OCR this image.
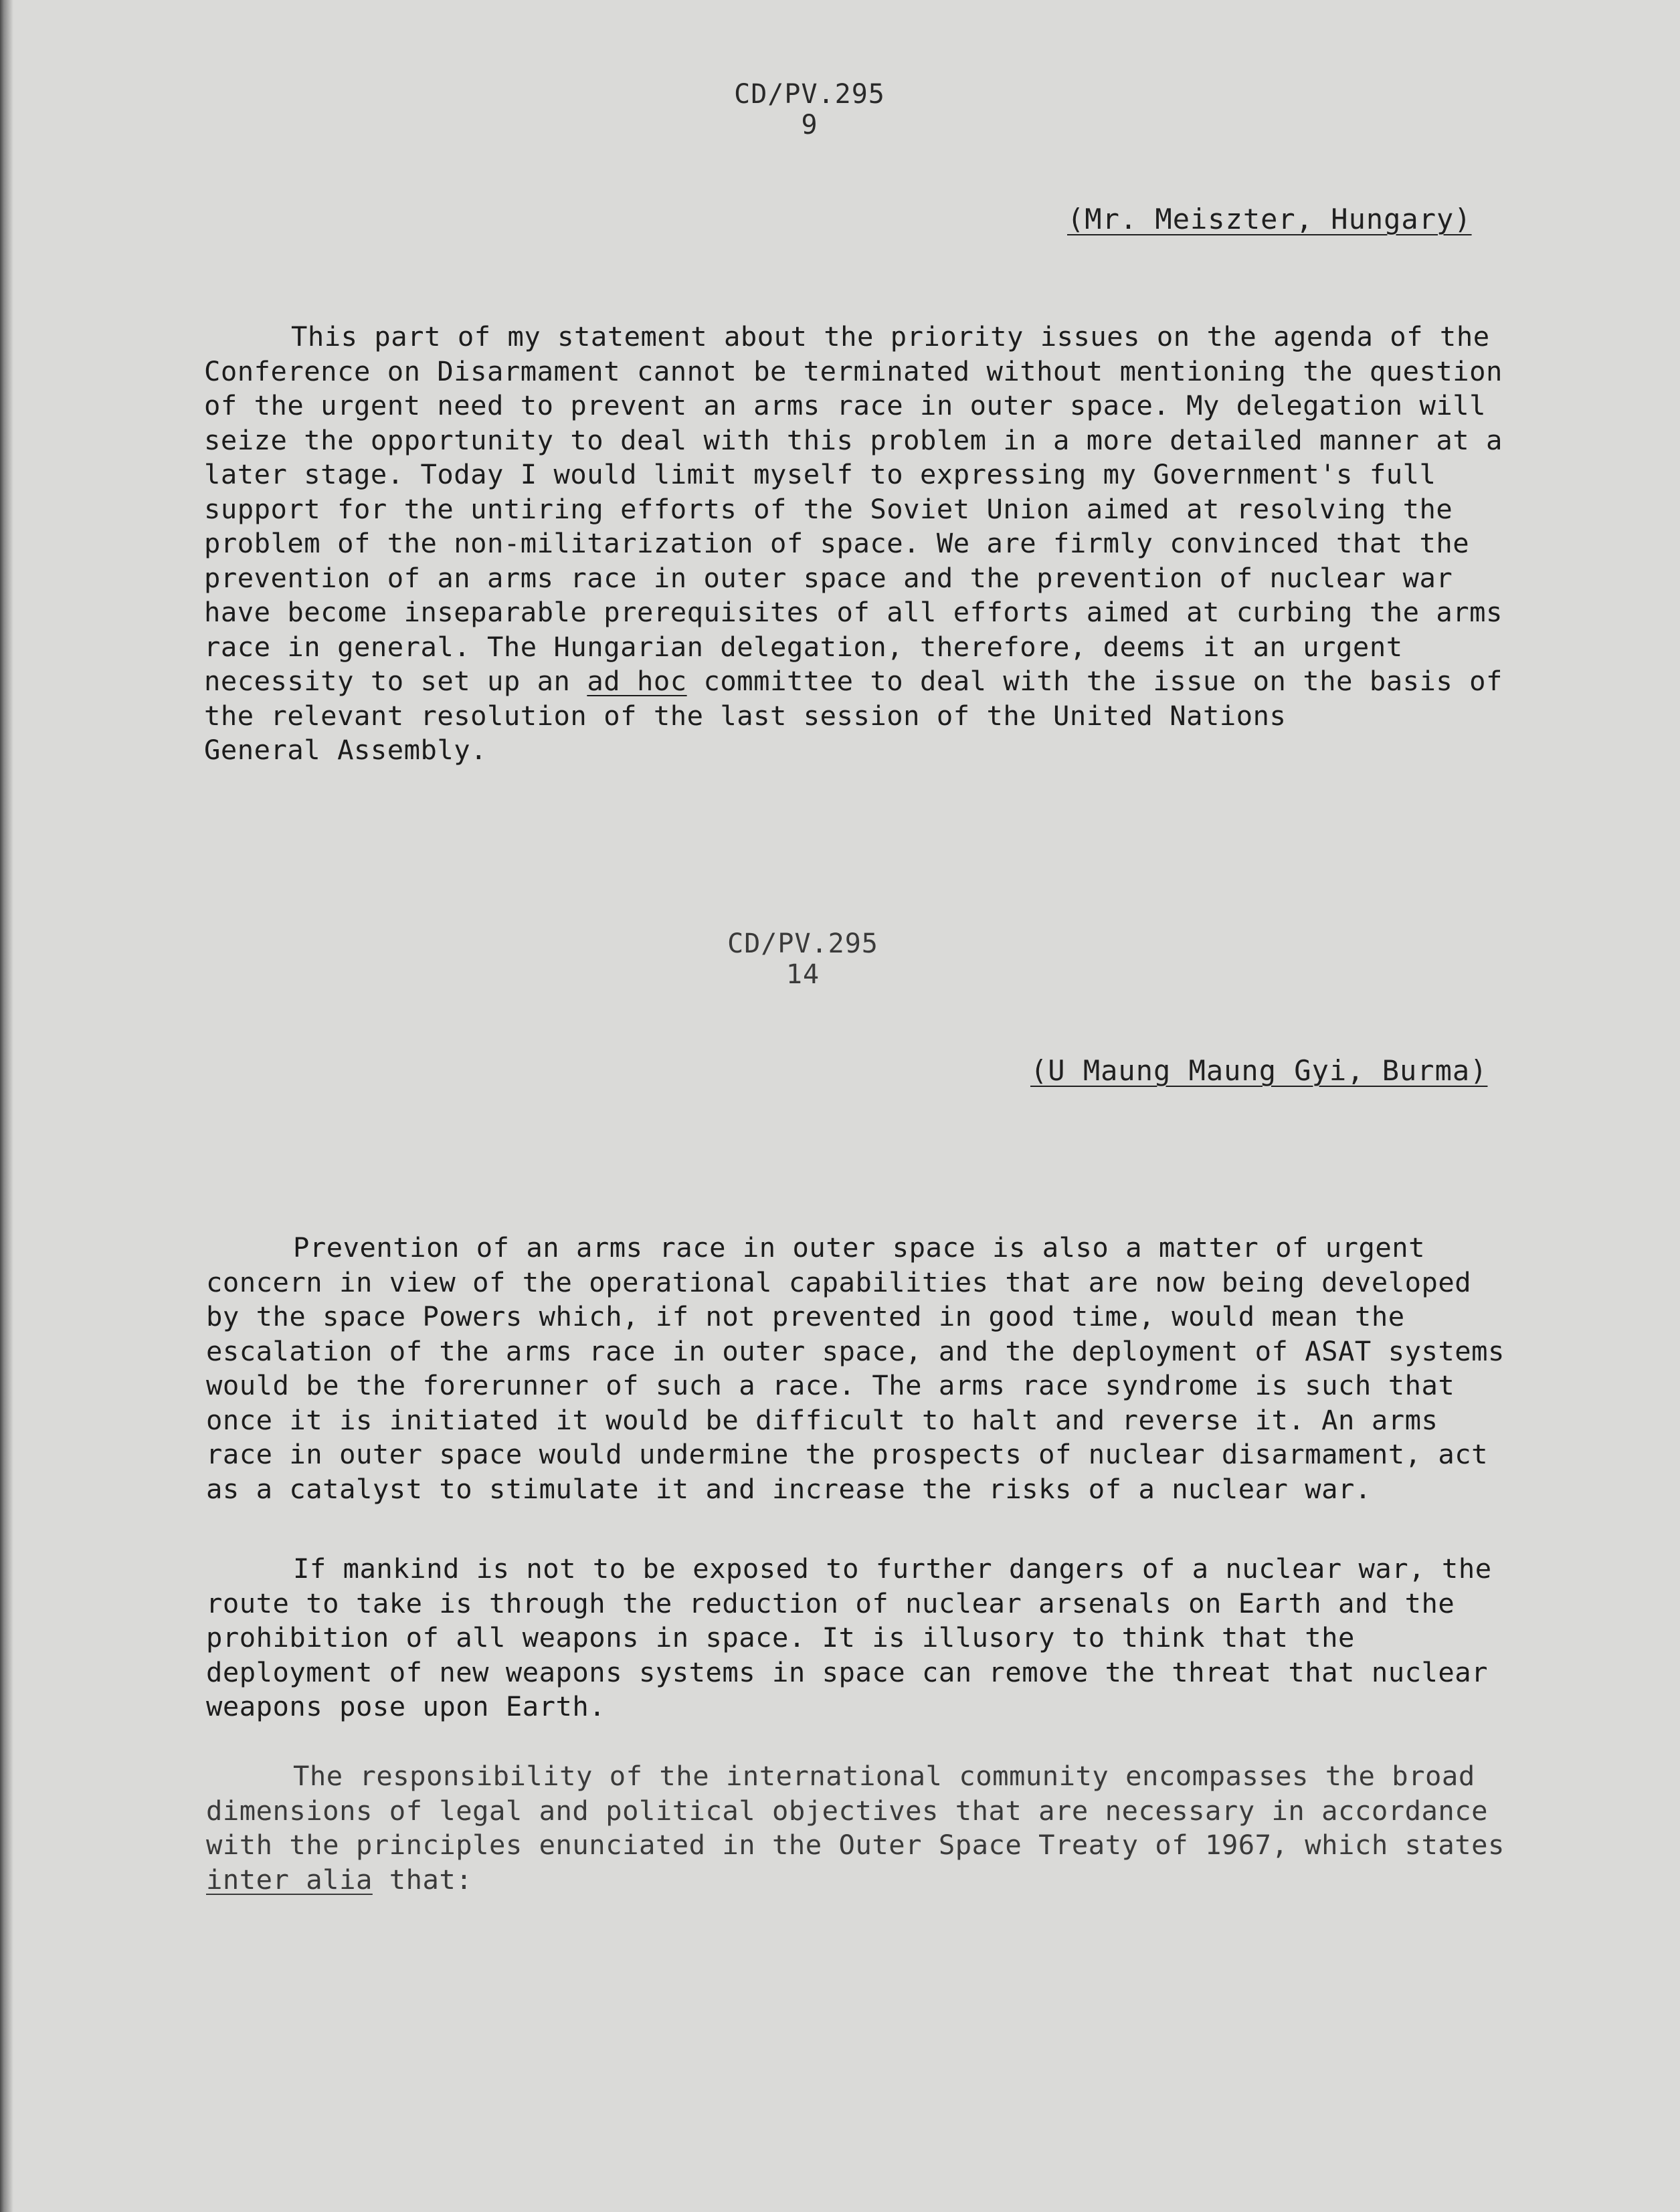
CD/PV.295
9
(Mr. Meiszter, Hungary)
This part of my statement about the priority issues on the agenda of the
Conference on Disarmament cannot be terminated without mentioning the question
of the urgent need to prevent an arms race in outer space. My delegation will
seize the opportunity to deal with this problem in a more detailed manner at a
later stage. Today I would limit myself to expressing my Government's full
support for the untiring efforts of the Soviet Union aimed at resolving the
problem of the non-militarization of space. We are firmly convinced that the
prevention of an arms race in outer space and the prevention of nuclear war
have become inseparable prerequisites of all efforts aimed at curbing the arms
race in general. The Hungarian delegation, therefore, deems it an urgent
necessity to set up an ad hoc committee to deal with the issue on the basis of
the relevant resolution of the last session of the United Nations
General Assembly.
CD/PV.295
14
(U Maung Maung Gyi, Burma)
Prevention of an arms race in outer space is also a matter of urgent
concern in view of the operational capabilities that are now being developed
by the space Powers which, if not prevented in good time, would mean the
escalation of the arms race in outer space, and the deployment of ASAT systems
would be the forerunner of such a race. The arms race syndrome is such that
once it is initiated it would be difficult to halt and reverse it. An arms
race in outer space would undermine the prospects of nuclear disarmament, act
as a catalyst to stimulate it and increase the risks of a nuclear war.
If mankind is not to be exposed to further dangers of a nuclear war, the
route to take is through the reduction of nuclear arsenals on Earth and the
prohibition of all weapons in space. It is illusory to think that the
deployment of new weapons systems in space can remove the threat that nuclear
weapons pose upon Earth.
The responsibility of the international community encompasses the broad
dimensions of legal and political objectives that are necessary in accordance
with the principles enunciated in the Outer Space Treaty of 1967, which states
inter alia that:
